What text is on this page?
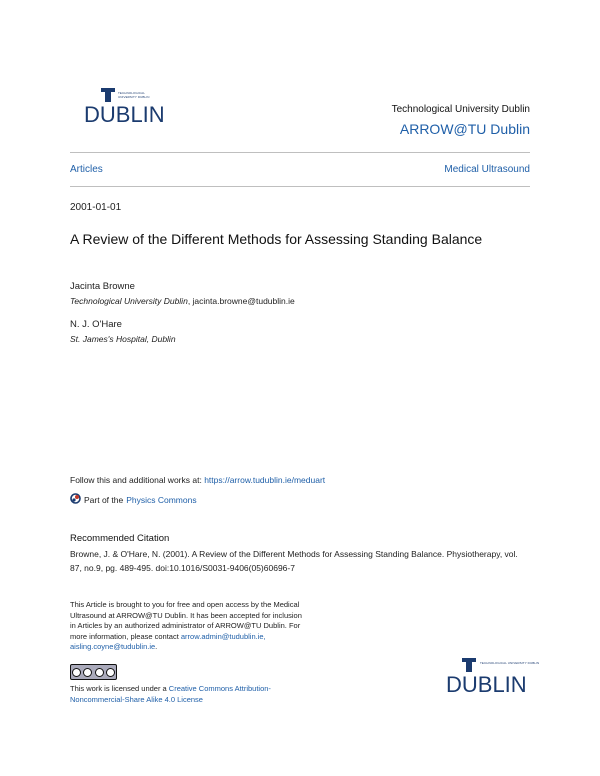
TECHNOLOGICAL UNIVERSITY DUBLIN
DUBLIN	Technological University Dublin
ARROW@TU Dublin
Articles	Medical Ultrasound
2001-01-01
A Review of the Different Methods for Assessing Standing Balance
Jacinta Browne
Technological University Dublin, jacinta.browne@tudublin.ie
N. J. O'Hare
St. James's Hospital, Dublin
Follow this and additional works at: https://arrow.tudublin.ie/meduart
Part of the Physics Commons
Recommended Citation
Browne, J. & O'Hare, N. (2001). A Review of the Different Methods for Assessing Standing Balance. Physiotherapy, vol. 87, no.9, pg. 489-495. doi:10.1016/S0031-9406(05)60696-7
This Article is brought to you for free and open access by the Medical Ultrasound at ARROW@TU Dublin. It has been accepted for inclusion in Articles by an authorized administrator of ARROW@TU Dublin. For more information, please contact arrow.admin@tudublin.ie, aisling.coyne@tudublin.ie.
This work is licensed under a Creative Commons Attribution-Noncommercial-Share Alike 4.0 License
TECHNOLOGICAL UNIVERSITY DUBLIN
DUBLIN
